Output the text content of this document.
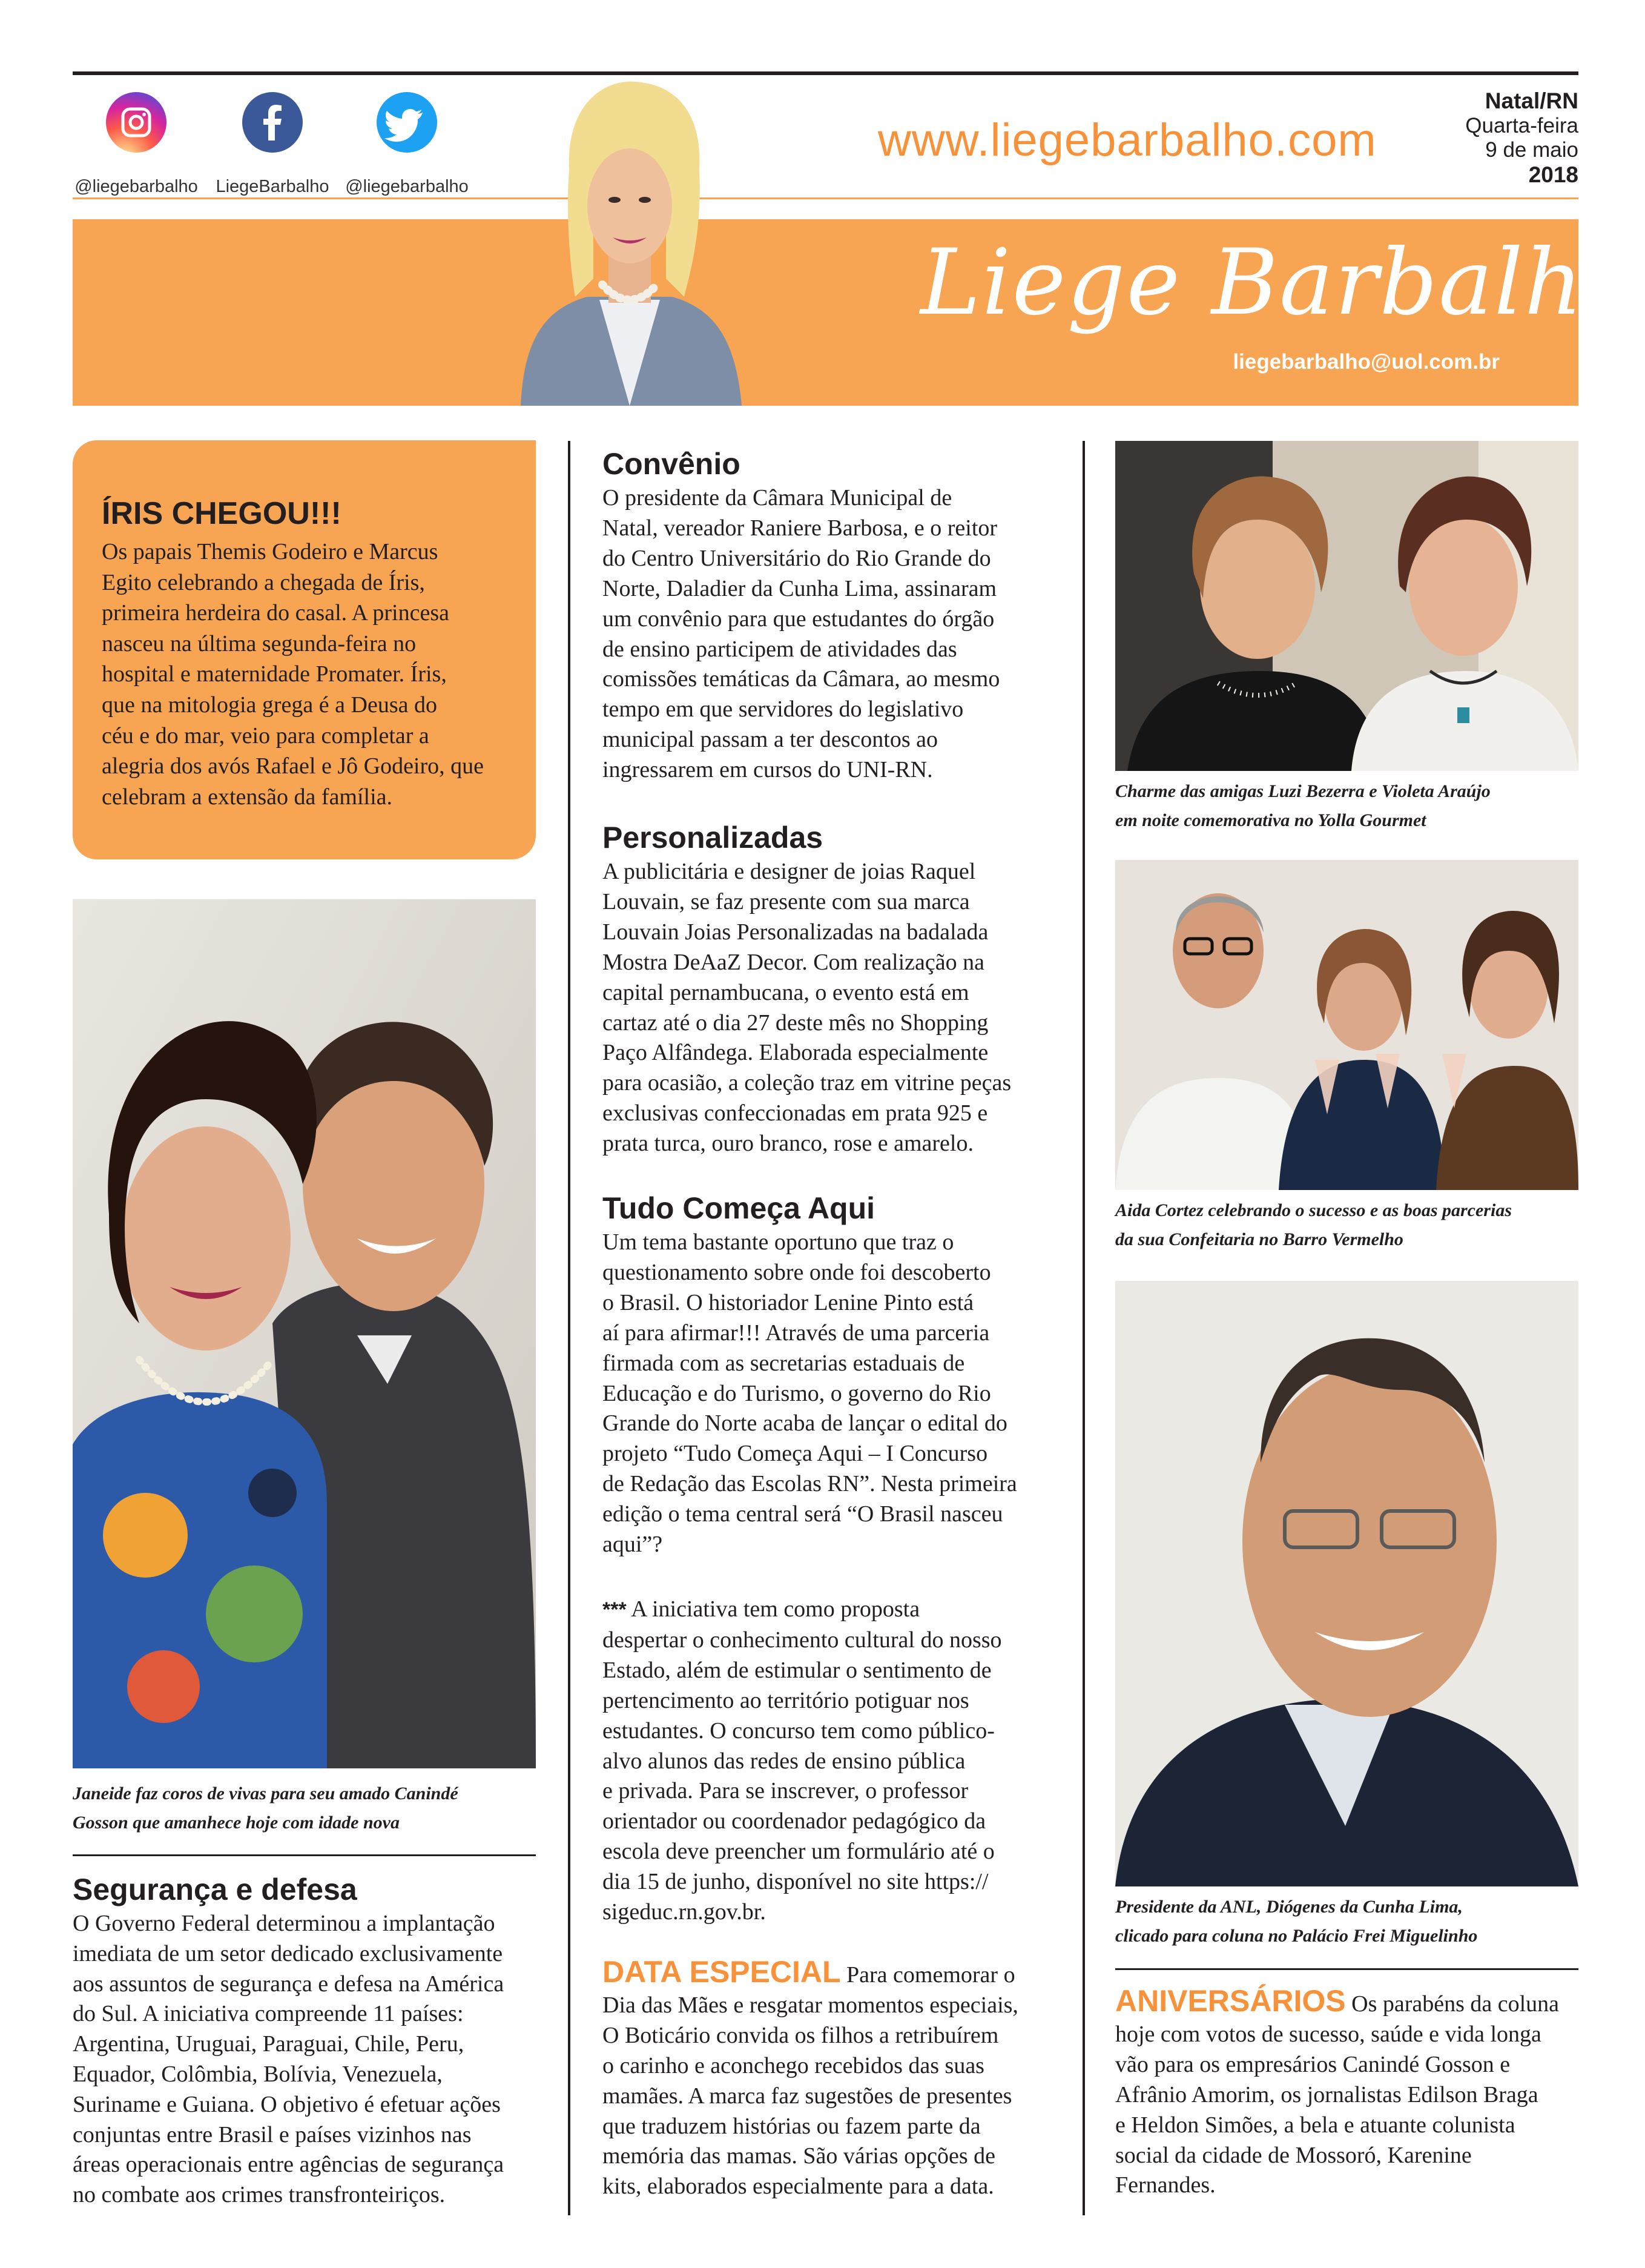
@liegebarbalho	LiegeBarbalho @liegebarbalho
www.liegebarbalho.com
Natal/RN
Quarta-feira
9 de maio
2018
Liege Barbalho
liegebarbalho@uol.com.br
ÍRIS CHEGOU!!!
Os papais Themis Godeiro e Marcus
Egito celebrando a chegada de Íris,
primeira herdeira do casal. A princesa
nasceu na última segunda-feira no
hospital e maternidade Promater. Íris,
que na mitologia grega é a Deusa do
céu e do mar, veio para completar a
alegria dos avós Rafael e Jô Godeiro, que
celebram a extensão da família.
Janeide faz coros de vivas para seu amado Canindé
Gosson que amanhece hoje com idade nova
Segurança e defesa
O Governo Federal determinou a implantação
imediata de um setor dedicado exclusivamente
aos assuntos de segurança e defesa na América
do Sul. A iniciativa compreende 11 países:
Argentina, Uruguai, Paraguai, Chile, Peru,
Equador, Colômbia, Bolívia, Venezuela,
Suriname e Guiana. O objetivo é efetuar ações
conjuntas entre Brasil e países vizinhos nas
áreas operacionais entre agências de segurança
no combate aos crimes transfronteiriços.
Convênio
O presidente da Câmara Municipal de
Natal, vereador Raniere Barbosa, e o reitor
do Centro Universitário do Rio Grande do
Norte, Daladier da Cunha Lima, assinaram
um convênio para que estudantes do órgão
de ensino participem de atividades das
comissões temáticas da Câmara, ao mesmo
tempo em que servidores do legislativo
municipal passam a ter descontos ao
ingressarem em cursos do UNI-RN.
Personalizadas
A publicitária e designer de joias Raquel
Louvain, se faz presente com sua marca
Louvain Joias Personalizadas na badalada
Mostra DeAaZ Decor. Com realização na
capital pernambucana, o evento está em
cartaz até o dia 27 deste mês no Shopping
Paço Alfândega. Elaborada especialmente
para ocasião, a coleção traz em vitrine peças
exclusivas confeccionadas em prata 925 e
prata turca, ouro branco, rose e amarelo.
Tudo Começa Aqui
Um tema bastante oportuno que traz o
questionamento sobre onde foi descoberto
o Brasil. O historiador Lenine Pinto está
aí para afirmar!!! Através de uma parceria
firmada com as secretarias estaduais de
Educação e do Turismo, o governo do Rio
Grande do Norte acaba de lançar o edital do
projeto “Tudo Começa Aqui – I Concurso
de Redação das Escolas RN”. Nesta primeira
edição o tema central será “O Brasil nasceu
aqui”?
*** A iniciativa tem como proposta
despertar o conhecimento cultural do nosso
Estado, além de estimular o sentimento de
pertencimento ao território potiguar nos
estudantes. O concurso tem como público-
alvo alunos das redes de ensino pública
e privada. Para se inscrever, o professor
orientador ou coordenador pedagógico da
escola deve preencher um formulário até o
dia 15 de junho, disponível no site https://
sigeduc.rn.gov.br.
DATA ESPECIAL Para comemorar o
Dia das Mães e resgatar momentos especiais,
O Boticário convida os filhos a retribuírem
o carinho e aconchego recebidos das suas
mamães. A marca faz sugestões de presentes
que traduzem histórias ou fazem parte da
memória das mamas. São várias opções de
kits, elaborados especialmente para a data.
Charme das amigas Luzi Bezerra e Violeta Araújo
em noite comemorativa no Yolla Gourmet
Aida Cortez celebrando o sucesso e as boas parcerias
da sua Confeitaria no Barro Vermelho
Presidente da ANL, Diógenes da Cunha Lima,
clicado para coluna no Palácio Frei Miguelinho
ANIVERSÁRIOS Os parabéns da coluna
hoje com votos de sucesso, saúde e vida longa
vão para os empresários Canindé Gosson e
Afrânio Amorim, os jornalistas Edilson Braga
e Heldon Simões, a bela e atuante colunista
social da cidade de Mossoró, Karenine
Fernandes.
